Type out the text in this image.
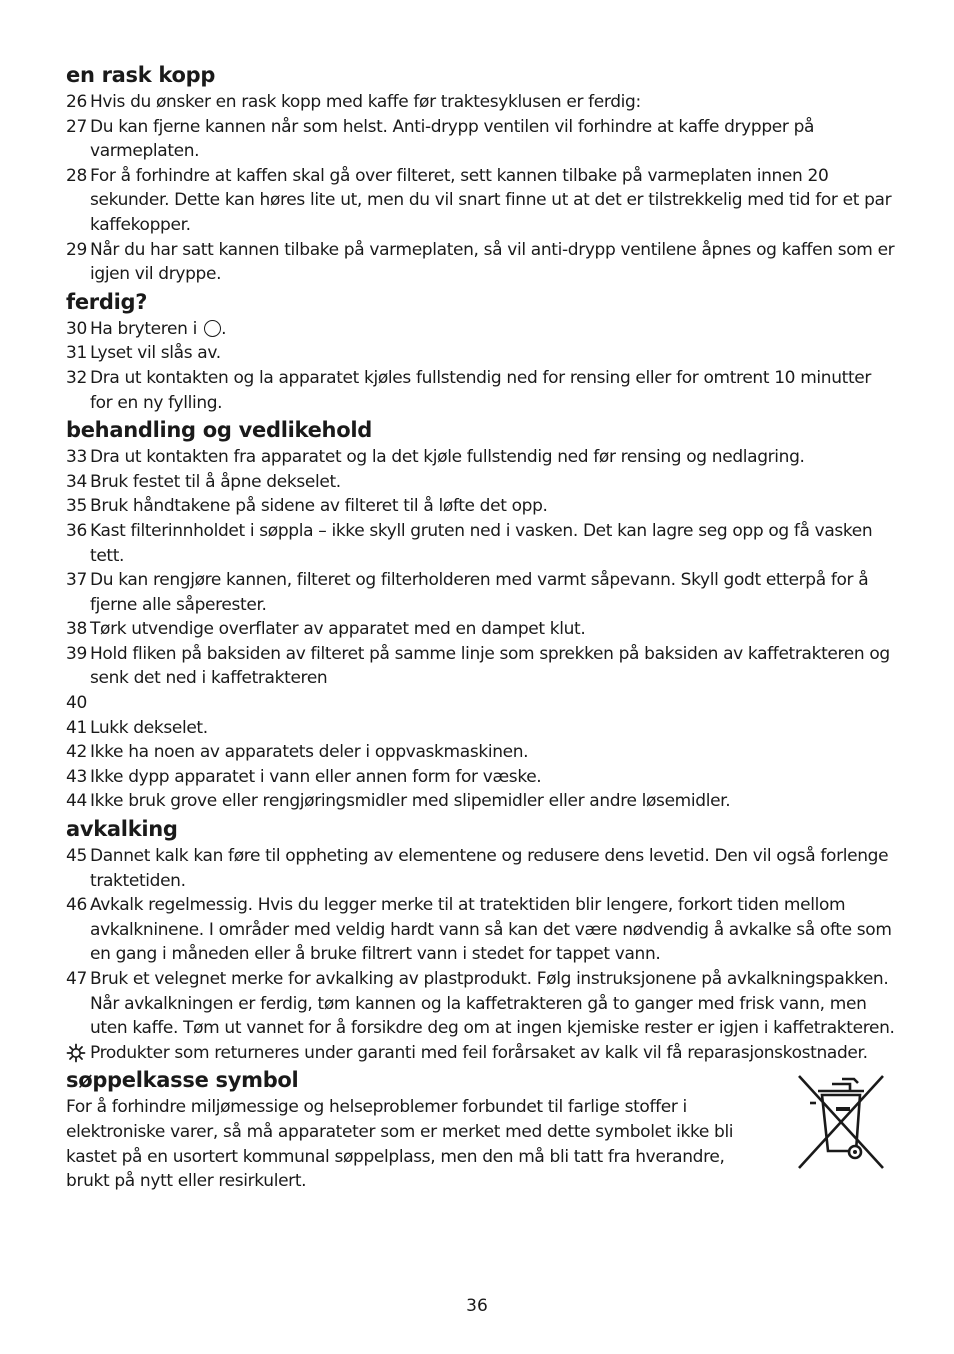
en rask kopp
26 Hvis du ønsker en rask kopp med kaffe før traktesyklusen er ferdig:
27 Du kan fjerne kannen når som helst. Anti-drypp ventilen vil forhindre at kaffe drypper på varmeplaten.
28 For å forhindre at kaffen skal gå over filteret, sett kannen tilbake på varmeplaten innen 20 sekunder. Dette kan høres lite ut, men du vil snart finne ut at det er tilstrekkelig med tid for et par kaffekopper.
29 Når du har satt kannen tilbake på varmeplaten, så vil anti-drypp ventilene åpnes og kaffen som er igjen vil dryppe.
ferdig?
30 Ha bryteren i .
31 Lyset vil slås av.
32 Dra ut kontakten og la apparatet kjøles fullstendig ned for rensing eller for omtrent 10 minutter for en ny fylling.
behandling og vedlikehold
33 Dra ut kontakten fra apparatet og la det kjøle fullstendig ned før rensing og nedlagring.
34 Bruk festet til å åpne dekselet.
35 Bruk håndtakene på sidene av filteret til å løfte det opp.
36 Kast filterinnholdet i søppla – ikke skyll gruten ned i vasken. Det kan lagre seg opp og få vasken tett.
37 Du kan rengjøre kannen, filteret og filterholderen med varmt såpevann. Skyll godt etterpå for å fjerne alle såperester.
38 Tørk utvendige overflater av apparatet med en dampet klut.
39 Hold fliken på baksiden av filteret på samme linje som sprekken på baksiden av kaffetrakteren og senk det ned i kaffetrakteren
40
41 Lukk dekselet.
42 Ikke ha noen av apparatets deler i oppvaskmaskinen.
43 Ikke dypp apparatet i vann eller annen form for væske.
44 Ikke bruk grove eller rengjøringsmidler med slipemidler eller andre løsemidler.
avkalking
45 Dannet kalk kan føre til oppheting av elementene og redusere dens levetid. Den vil også forlenge traktetiden.
46 Avkalk regelmessig. Hvis du legger merke til at tratektiden blir lengere, forkort tiden mellom avkalkninene. I områder med veldig hardt vann så kan det være nødvendig å avkalke så ofte som en gang i måneden eller å bruke filtrert vann i stedet for tappet vann.
47 Bruk et velegnet merke for avkalking av plastprodukt. Følg instruksjonene på avkalkningspakken. Når avkalkningen er ferdig, tøm kannen og la kaffetrakteren gå to ganger med frisk vann, men uten kaffe. Tøm ut vannet for å forsikdre deg om at ingen kjemiske rester er igjen i kaffetrakteren.
Produkter som returneres under garanti med feil forårsaket av kalk vil få reparasjonskostnader.
søppelkasse symbol

For å forhindre miljømessige og helseproblemer forbundet til farlige stoffer i elektroniske varer, så må apparateter som er merket med dette symbolet ikke bli kastet på en usortert kommunal søppelplass, men den må bli tatt fra hverandre, brukt på nytt eller resirkulert.

36
